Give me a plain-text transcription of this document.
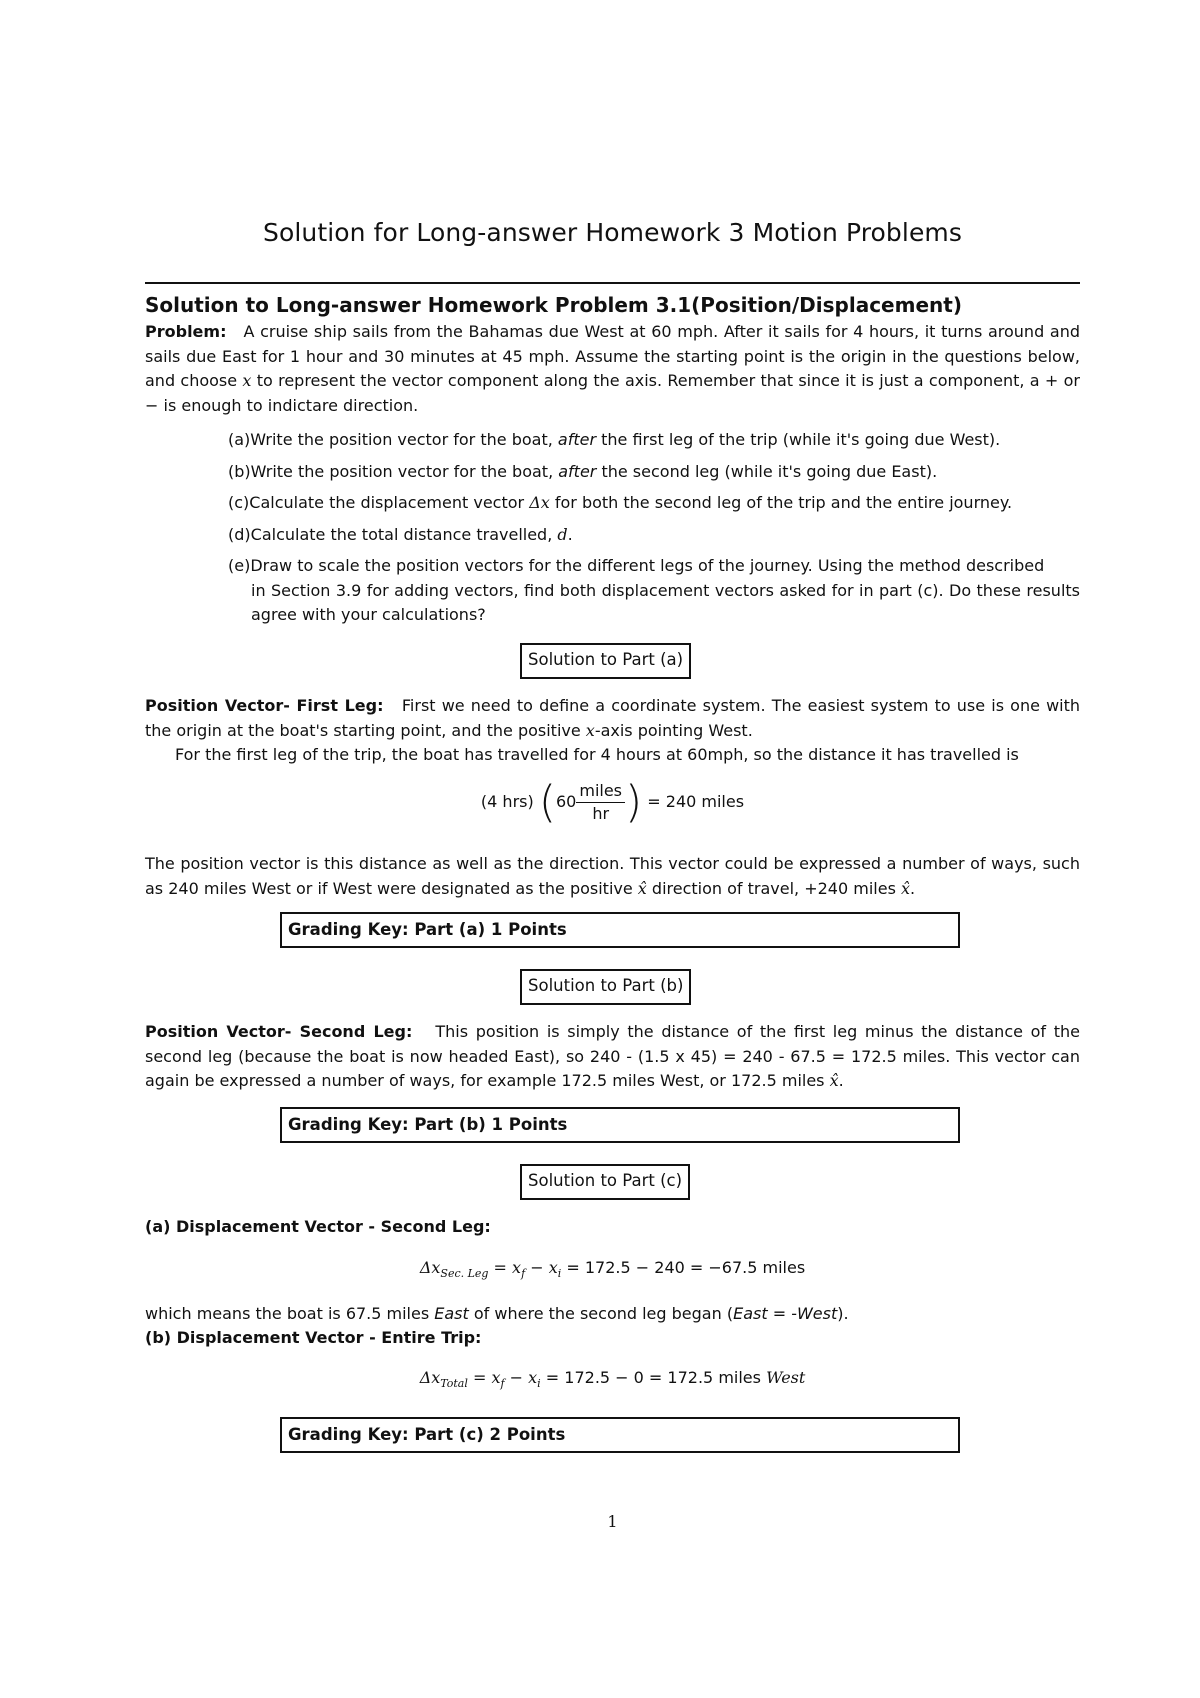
Solution for Long-answer Homework 3 Motion Problems
Solution to Long-answer Homework Problem 3.1(Position/Displacement)
Problem: A cruise ship sails from the Bahamas due West at 60 mph. After it sails for 4 hours, it turns around and sails due East for 1 hour and 30 minutes at 45 mph. Assume the starting point is the origin in the questions below, and choose x to represent the vector component along the axis. Remember that since it is just a component, a + or − is enough to indictare direction.
(a)Write the position vector for the boat, after the first leg of the trip (while it's going due West).
(b)Write the position vector for the boat, after the second leg (while it's going due East).
(c)Calculate the displacement vector Δx for both the second leg of the trip and the entire journey.
(d)Calculate the total distance travelled, d.
(e)Draw to scale the position vectors for the different legs of the journey. Using the method described
in Section 3.9 for adding vectors, find both displacement vectors asked for in part (c). Do these results agree with your calculations?
Solution to Part (a)
Position Vector- First Leg: First we need to define a coordinate system. The easiest system to use is one with the origin at the boat's starting point, and the positive x-axis pointing West.
For the first leg of the trip, the boat has travelled for 4 hours at 60mph, so the distance it has travelled is
(4 hrs) ($60 \frac{\text{miles}}{hr}$ ) = 240 miles
The position vector is this distance as well as the direction. This vector could be expressed a number of ways, such as 240 miles West or if West were designated as the positive x̂ direction of travel, +240 miles x̂.
Grading Key: Part (a) 1 Points
Solution to Part (b)
Position Vector- Second Leg: This position is simply the distance of the first leg minus the distance of the second leg (because the boat is now headed East), so 240 - (1.5 x 45) = 240 - 67.5 = 172.5 miles. This vector can again be expressed a number of ways, for example 172.5 miles West, or 172.5 miles x̂.
Grading Key: Part (b) 1 Points
Solution to Part (c)
(a) Displacement Vector - Second Leg:
$\Delta x_{Sec. Leg} = x_f - x_i = 172.5 - 240 = -67.5$ miles
which means the boat is 67.5 miles East of where the second leg began (East = -West).
(b) Displacement Vector - Entire Trip:
$\Delta x_{Total} = x_f - x_i = 172.5 - 0 = 172.5$ miles West
Grading Key: Part (c) 2 Points
1
